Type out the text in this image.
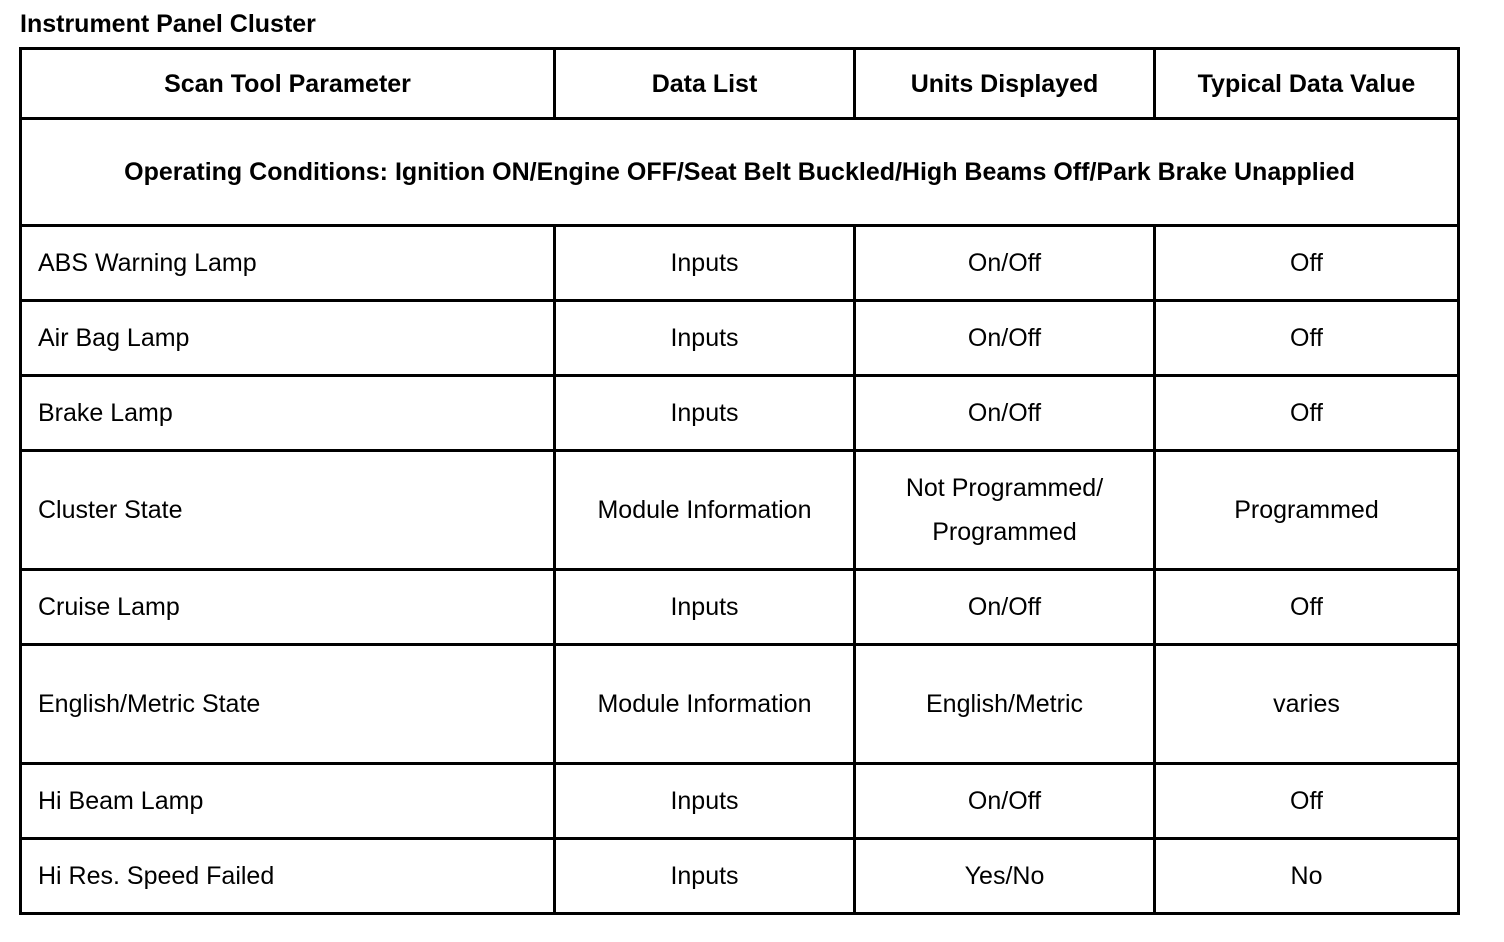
Instrument Panel Cluster
Scan Tool Parameter	Data List	Units Displayed	Typical Data Value
Operating Conditions: Ignition ON/Engine OFF/Seat Belt Buckled/High Beams Off/Park Brake Unapplied			
ABS Warning Lamp	Inputs	On/Off	Off
Air Bag Lamp	Inputs	On/Off	Off
Brake Lamp	Inputs	On/Off	Off
Cluster State	Module Information	Not Programmed/ Programmed	Programmed
Cruise Lamp	Inputs	On/Off	Off
English/Metric State	Module Information	English/Metric	varies
Hi Beam Lamp	Inputs	On/Off	Off
Hi Res. Speed Failed	Inputs	Yes/No	No
